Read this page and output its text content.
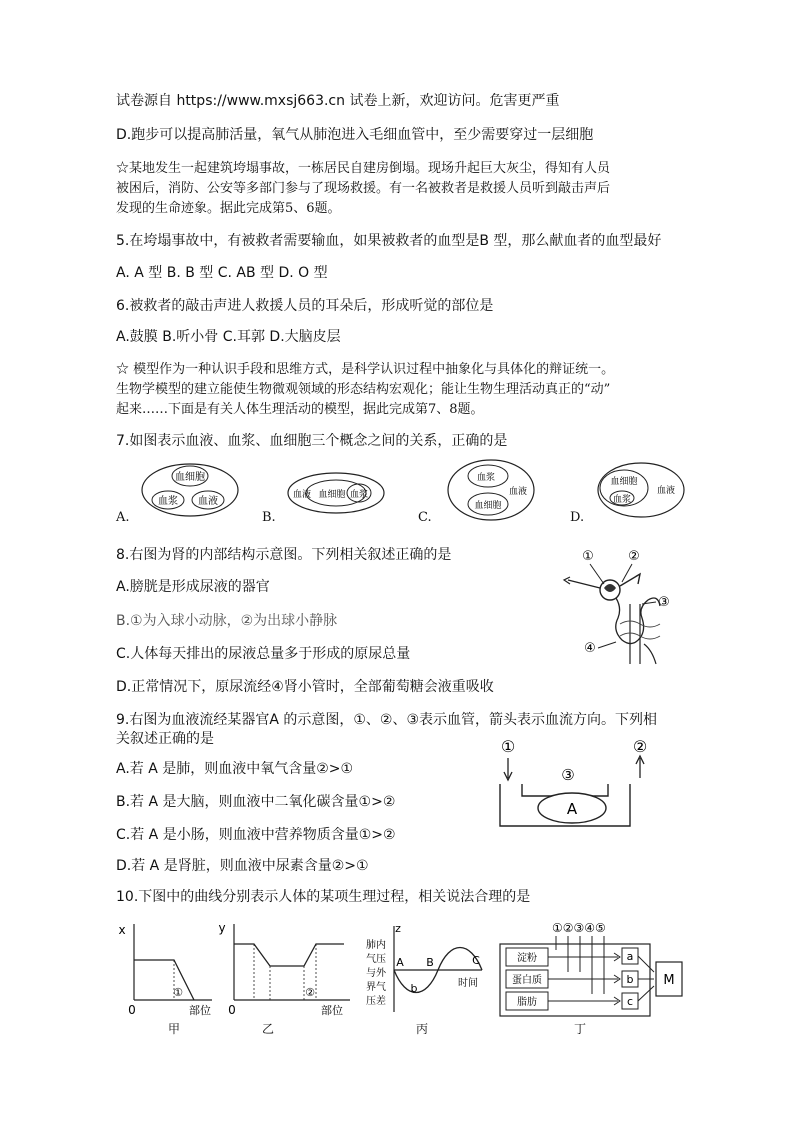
试卷源自 https://www.mxsj663.cn 试卷上新，欢迎访问。危害更严重
D.跑步可以提高肺活量，氧气从肺泡进入毛细血管中，至少需要穿过一层细胞
☆某地发生一起建筑垮塌事故，一栋居民自建房倒塌。现场升起巨大灰尘，得知有人员
被困后，消防、公安等多部门参与了现场救援。有一名被救者是救援人员听到敲击声后
发现的生命迹象。据此完成第5、6题。
5.在垮塌事故中，有被救者需要输血，如果被救者的血型是B 型，那么献血者的血型最好
A. A 型 B. B 型 C. AB 型 D. O 型
6.被救者的敲击声进人救援人员的耳朵后，形成听觉的部位是
A.鼓膜 B.听小骨 C.耳郭 D.大脑皮层
☆ 模型作为一种认识手段和思维方式，是科学认识过程中抽象化与具体化的辩证统一。
生物学模型的建立能使生物微观领域的形态结构宏观化；能让生物生理活动真正的“动”
起来……下面是有关人体生理活动的模型，据此完成第7、8题。
7.如图表示血液、血浆、血细胞三个概念之间的关系，正确的是
A.
血细胞
血浆 血液
B.
血液 血细胞 血浆
C.
血浆
血液
血细胞
D.
血细胞
血浆
血液
8.右图为肾的内部结构示意图。下列相关叙述正确的是
A.膀胱是形成尿液的器官
B.①为入球小动脉，②为出球小静脉
C.人体每天排出的尿液总量多于形成的原尿总量
D.正常情况下，原尿流经④肾小管时，全部葡萄糖会液重吸收
①	②
③
④
9.右图为血液流经某器官A 的示意图，①、②、③表示血管，箭头表示血流方向。下列相
关叙述正确的是
A.若 A 是肺，则血液中氧气含量②>①
B.若 A 是大脑，则血液中二氧化碳含量①>②
C.若 A 是小肠，则血液中营养物质含量①>②
D.若 A 是肾脏，则血液中尿素含量②>①
①	②
③
A
10.下图中的曲线分别表示人体的某项生理过程，相关说法合理的是
x
①
0	部位
甲
y
②
0	部位
乙
z
肺内
气压
与外
界气
压差
A B	C
b	时间
丙
①②③④⑤
淀粉
蛋白质
脂肪
a
b
c
M
丁
